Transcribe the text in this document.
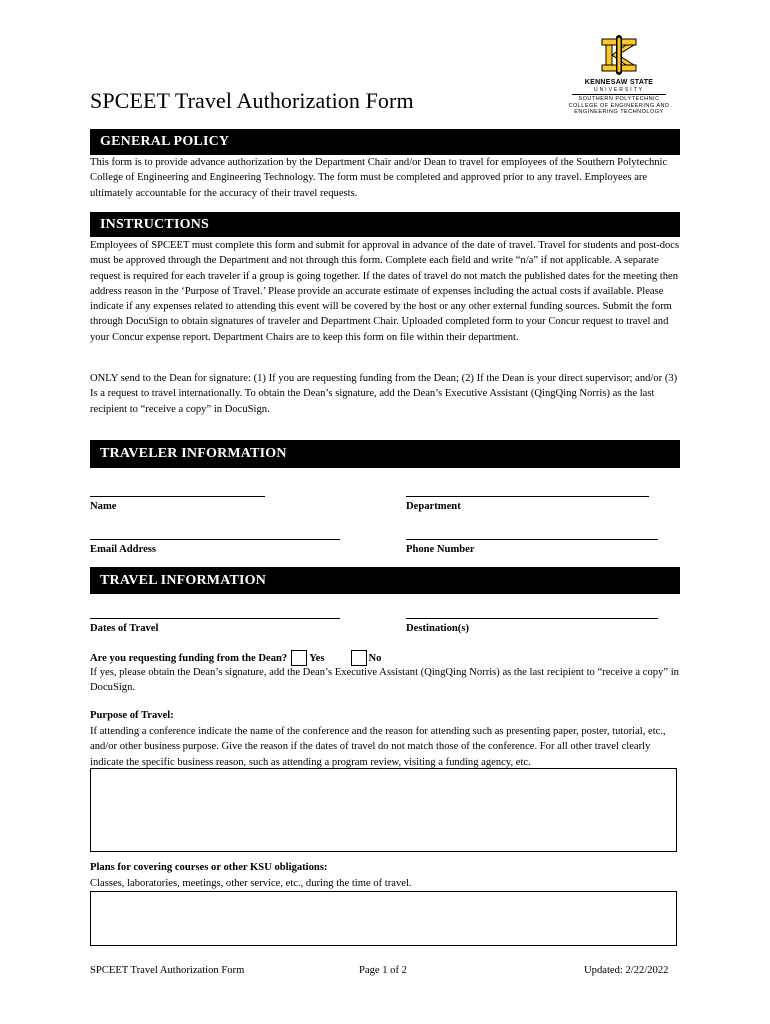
SPCEET Travel Authorization Form
KENNESAW STATE
UNIVERSITY
SOUTHERN POLYTECHNIC
COLLEGE OF ENGINEERING AND
ENGINEERING TECHNOLOGY
GENERAL POLICY
This form is to provide advance authorization by the Department Chair and/or Dean to travel for employees of the Southern Polytechnic College of Engineering and Engineering Technology. The form must be completed and approved prior to any travel. Employees are ultimately accountable for the accuracy of their travel requests.
INSTRUCTIONS
Employees of SPCEET must complete this form and submit for approval in advance of the date of travel. Travel for students and post-docs must be approved through the Department and not through this form. Complete each field and write “n/a” if not applicable. A separate request is required for each traveler if a group is going together. If the dates of travel do not match the published dates for the meeting then address reason in the ‘Purpose of Travel.’ Please provide an accurate estimate of expenses including the actual costs if available. Please indicate if any expenses related to attending this event will be covered by the host or any other external funding sources. Submit the form through DocuSign to obtain signatures of traveler and Department Chair. Uploaded completed form to your Concur request to travel and your Concur expense report. Department Chairs are to keep this form on file within their department.
ONLY send to the Dean for signature: (1) If you are requesting funding from the Dean; (2) If the Dean is your direct supervisor; and/or (3) Is a request to travel internationally. To obtain the Dean’s signature, add the Dean’s Executive Assistant (QingQing Norris) as the last recipient to “receive a copy” in DocuSign.
TRAVELER INFORMATION
Name	Department
Email Address	Phone Number
TRAVEL INFORMATION
Dates of Travel	Destination(s)
Are you requesting funding from the Dean? Yes	No
If yes, please obtain the Dean’s signature, add the Dean’s Executive Assistant (QingQing Norris) as the last recipient to “receive a copy” in DocuSign.
Purpose of Travel:
If attending a conference indicate the name of the conference and the reason for attending such as presenting paper, poster, tutorial, etc., and/or other business purpose. Give the reason if the dates of travel do not match those of the conference. For all other travel clearly indicate the specific business reason, such as attending a program review, visiting a funding agency, etc.
Plans for covering courses or other KSU obligations:
Classes, laboratories, meetings, other service, etc., during the time of travel.
SPCEET Travel Authorization Form	Page 1 of 2	Updated: 2/22/2022
